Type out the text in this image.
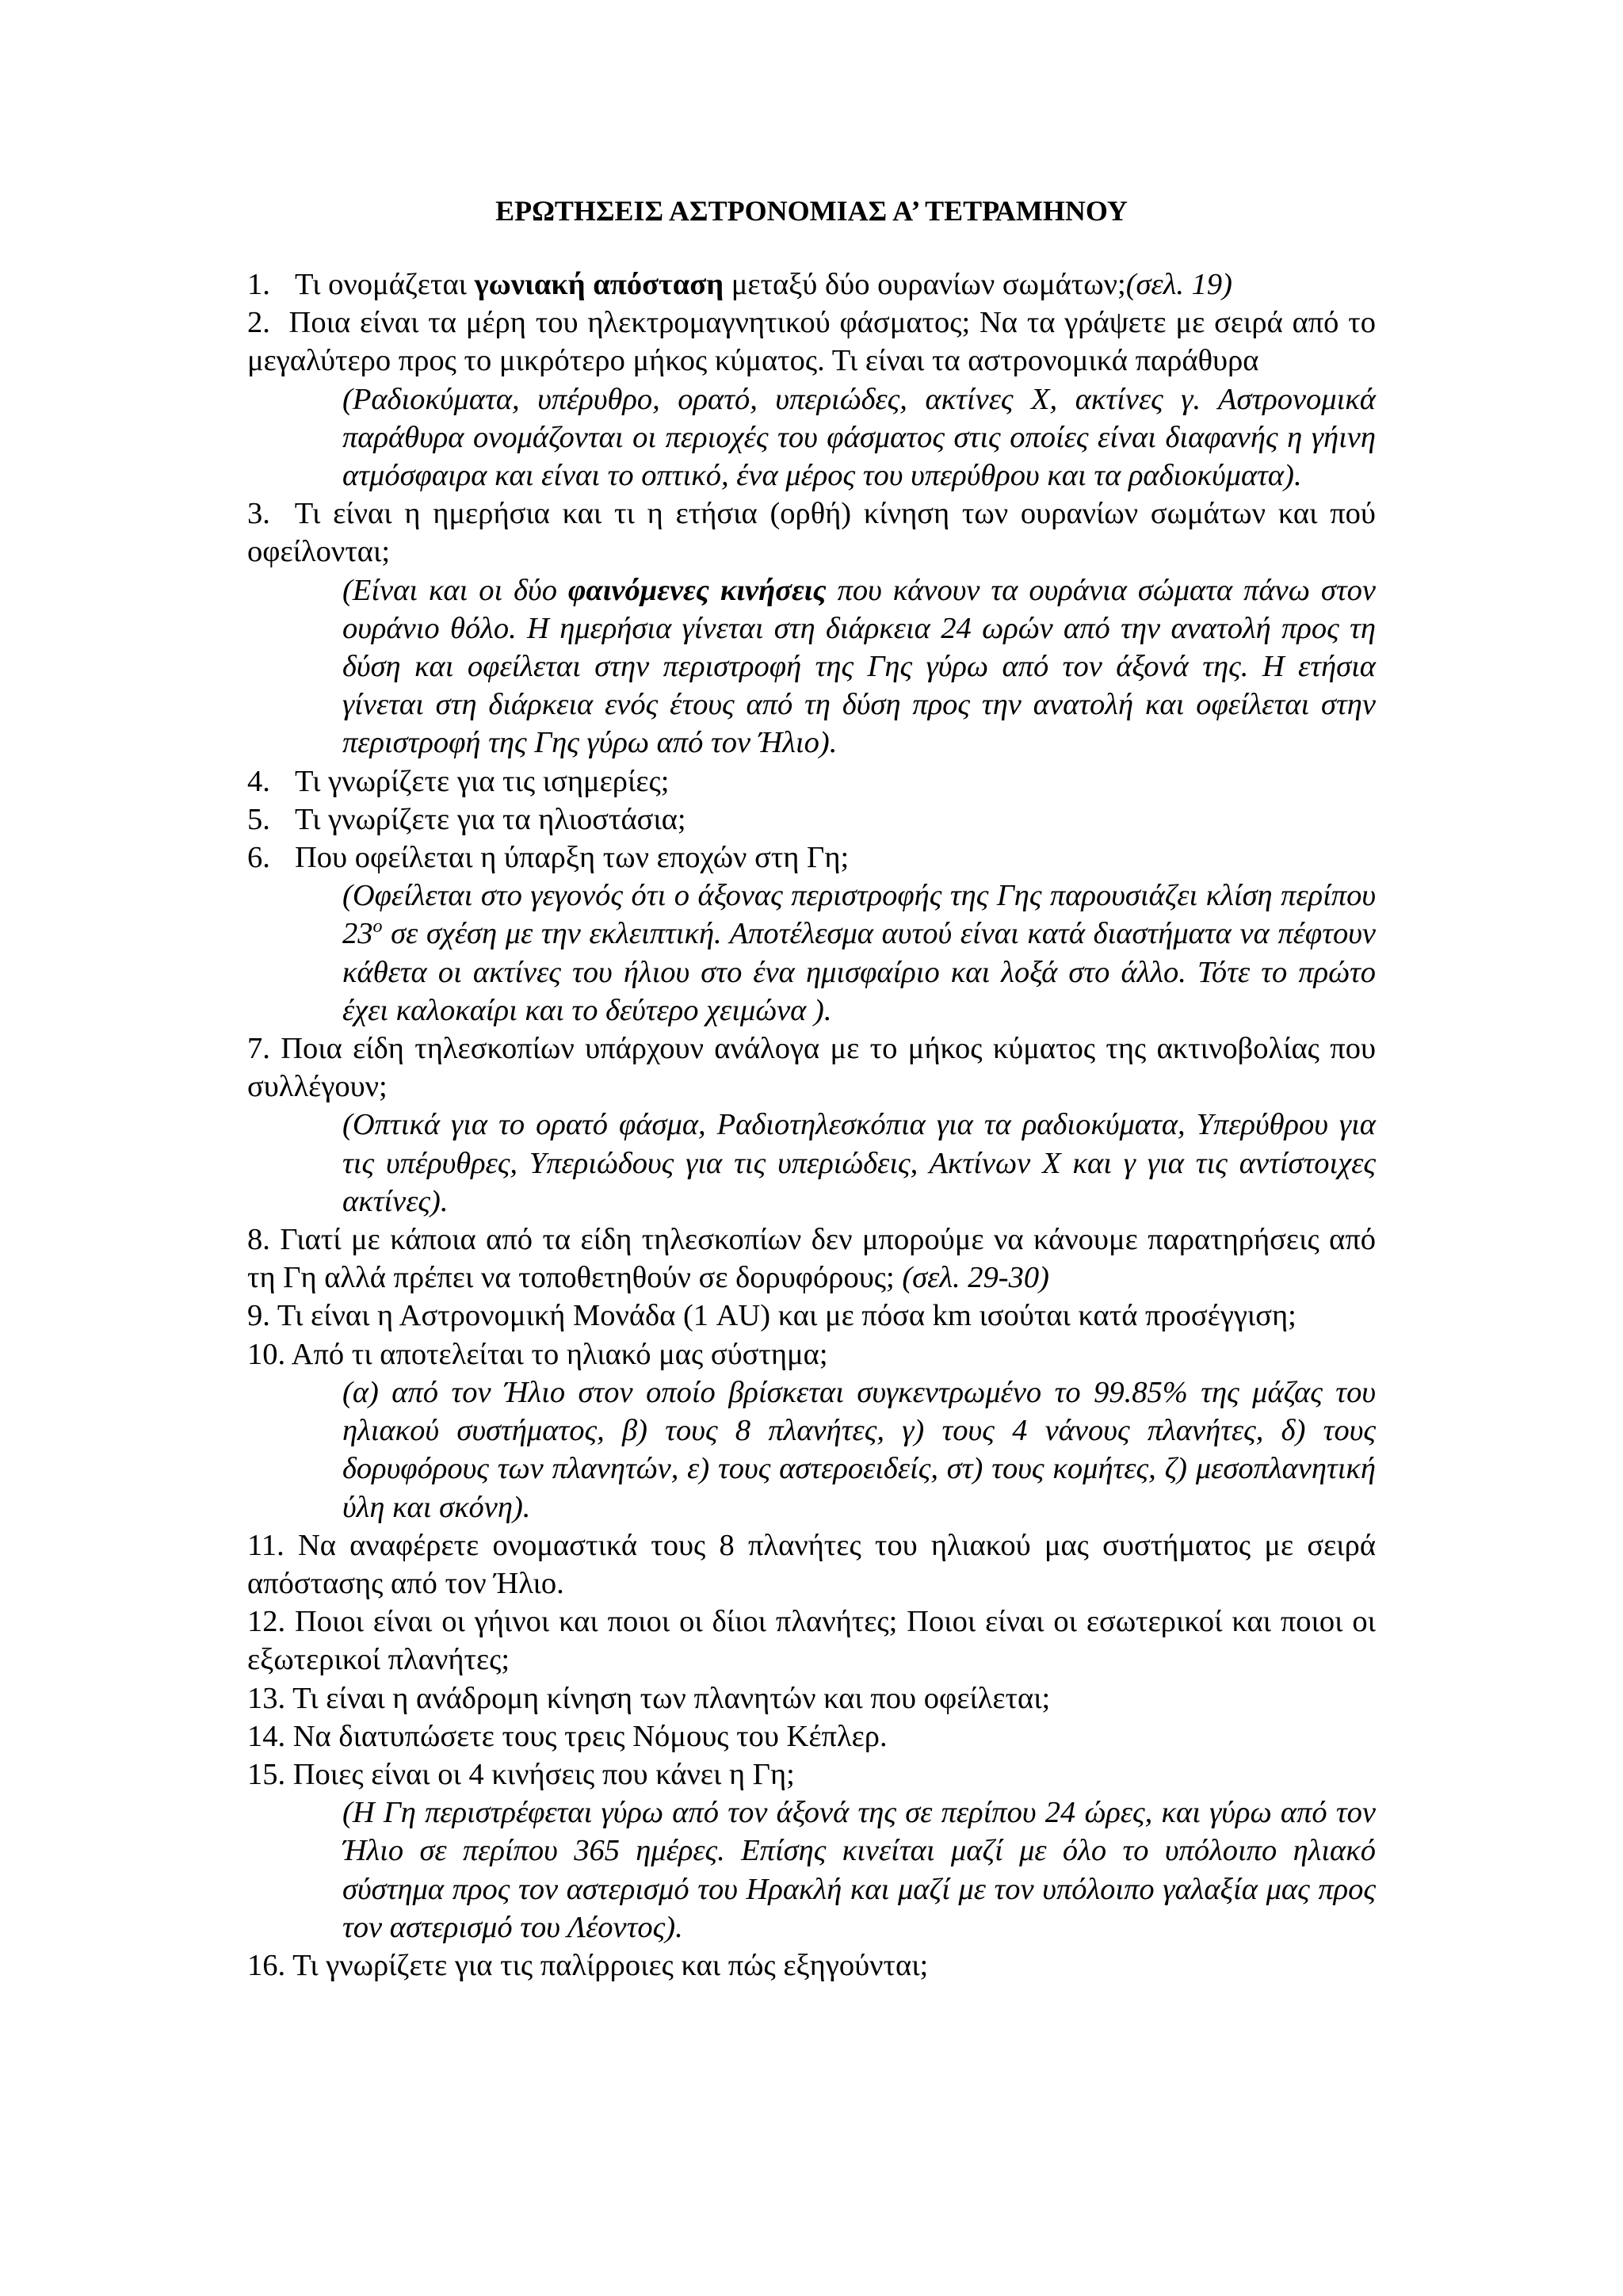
ΕΡΩΤΗΣΕΙΣ ΑΣΤΡΟΝΟΜΙΑΣ Α’ ΤΕΤΡΑΜΗΝΟΥ

1. Τι ονομάζεται γωνιακή απόσταση μεταξύ δύο ουρανίων σωμάτων;(σελ. 19)

2. Ποια είναι τα μέρη του ηλεκτρομαγνητικού φάσματος; Να τα γράψετε με σειρά από το μεγαλύτερο προς το μικρότερο μήκος κύματος. Τι είναι τα αστρονομικά παράθυρα

(Ραδιοκύματα, υπέρυθρο, ορατό, υπεριώδες, ακτίνες Χ, ακτίνες γ. Αστρονομικά παράθυρα ονομάζονται οι περιοχές του φάσματος στις οποίες είναι διαφανής η γήινη ατμόσφαιρα και είναι το οπτικό, ένα μέρος του υπερύθρου και τα ραδιοκύματα).

3. Τι είναι η ημερήσια και τι η ετήσια (ορθή) κίνηση των ουρανίων σωμάτων και πού οφείλονται;

(Είναι και οι δύο φαινόμενες κινήσεις που κάνουν τα ουράνια σώματα πάνω στον ουράνιο θόλο. Η ημερήσια γίνεται στη διάρκεια 24 ωρών από την ανατολή προς τη δύση και οφείλεται στην περιστροφή της Γης γύρω από τον άξονά της. Η ετήσια γίνεται στη διάρκεια ενός έτους από τη δύση προς την ανατολή και οφείλεται στην περιστροφή της Γης γύρω από τον Ήλιο).

4. Τι γνωρίζετε για τις ισημερίες;

5. Τι γνωρίζετε για τα ηλιοστάσια;

6. Που οφείλεται η ύπαρξη των εποχών στη Γη;

(Οφείλεται στο γεγονός ότι ο άξονας περιστροφής της Γης παρουσιάζει κλίση περίπου $23^o$ σε σχέση με την εκλειπτική. Αποτέλεσμα αυτού είναι κατά διαστήματα να πέφτουν κάθετα οι ακτίνες του ήλιου στο ένα ημισφαίριο και λοξά στο άλλο. Τότε το πρώτο έχει καλοκαίρι και το δεύτερο χειμώνα ).

7. Ποια είδη τηλεσκοπίων υπάρχουν ανάλογα με το μήκος κύματος της ακτινοβολίας που συλλέγουν;

(Οπτικά για το ορατό φάσμα, Ραδιοτηλεσκόπια για τα ραδιοκύματα, Υπερύθρου για τις υπέρυθρες, Υπεριώδους για τις υπεριώδεις, Ακτίνων Χ και γ για τις αντίστοιχες ακτίνες).

8. Γιατί με κάποια από τα είδη τηλεσκοπίων δεν μπορούμε να κάνουμε παρατηρήσεις από τη Γη αλλά πρέπει να τοποθετηθούν σε δορυφόρους; (σελ. 29-30)

9. Τι είναι η Αστρονομική Μονάδα (1 AU) και με πόσα km ισούται κατά προσέγγιση;

10. Από τι αποτελείται το ηλιακό μας σύστημα;

(α) από τον Ήλιο στον οποίο βρίσκεται συγκεντρωμένο το 99.85% της μάζας του ηλιακού συστήματος, β) τους 8 πλανήτες, γ) τους 4 νάνους πλανήτες, δ) τους δορυφόρους των πλανητών, ε) τους αστεροειδείς, στ) τους κομήτες, ζ) μεσοπλανητική ύλη και σκόνη).

11. Να αναφέρετε ονομαστικά τους 8 πλανήτες του ηλιακού μας συστήματος με σειρά απόστασης από τον Ήλιο.

12. Ποιοι είναι οι γήινοι και ποιοι οι δίιοι πλανήτες; Ποιοι είναι οι εσωτερικοί και ποιοι οι εξωτερικοί πλανήτες;

13. Τι είναι η ανάδρομη κίνηση των πλανητών και που οφείλεται;

14. Να διατυπώσετε τους τρεις Νόμους του Κέπλερ.

15. Ποιες είναι οι 4 κινήσεις που κάνει η Γη;

(Η Γη περιστρέφεται γύρω από τον άξονά της σε περίπου 24 ώρες, και γύρω από τον Ήλιο σε περίπου 365 ημέρες. Επίσης κινείται μαζί με όλο το υπόλοιπο ηλιακό σύστημα προς τον αστερισμό του Ηρακλή και μαζί με τον υπόλοιπο γαλαξία μας προς τον αστερισμό του Λέοντος).

16. Τι γνωρίζετε για τις παλίρροιες και πώς εξηγούνται;
